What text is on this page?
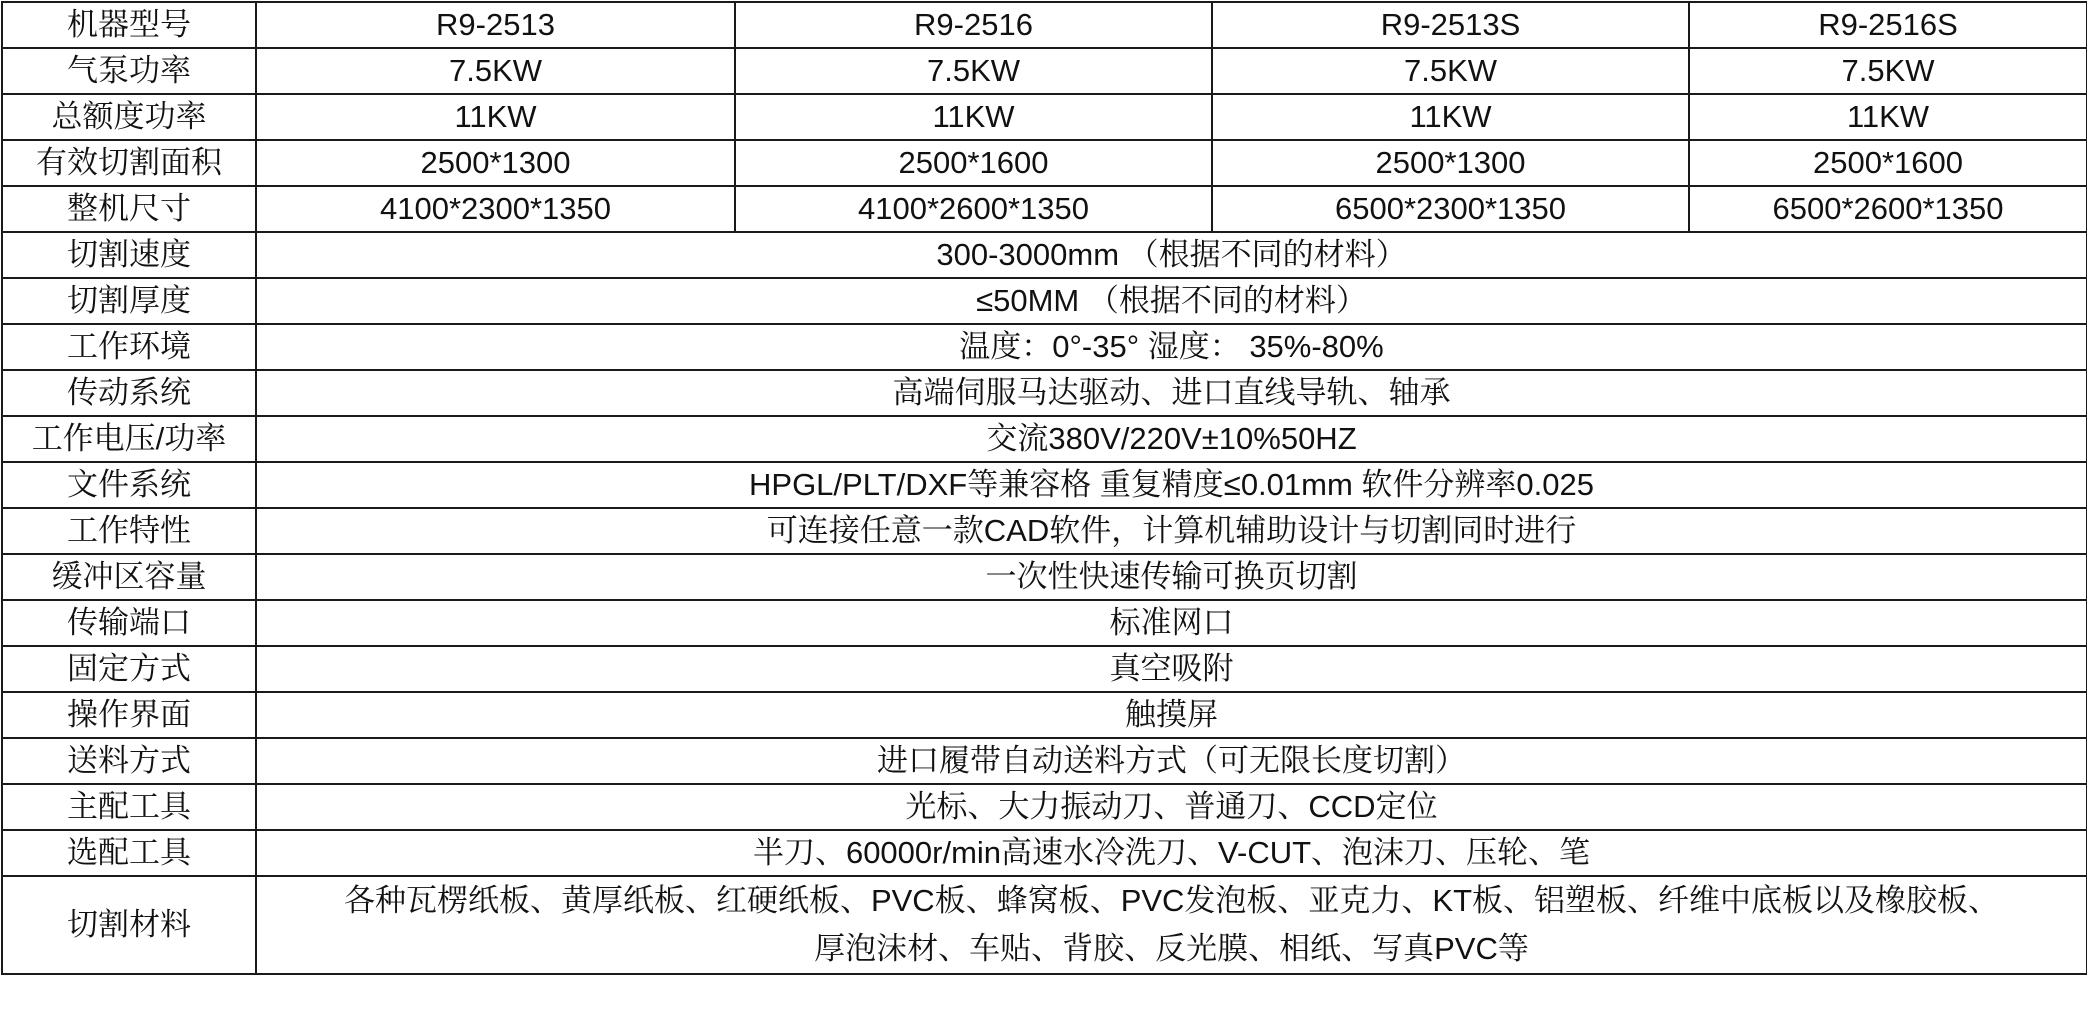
机器型号	R9-2513	R9-2516	R9-2513S	R9-2516S
气泵功率	7.5KW	7.5KW	7.5KW	7.5KW
总额度功率	11KW	11KW	11KW	11KW
有效切割面积	2500*1300	2500*1600	2500*1300	2500*1600
整机尺寸	4100*2300*1350	4100*2600*1350	6500*2300*1350	6500*2600*1350
切割速度	300-3000mm （根据不同的材料）			
切割厚度	≤50MM （根据不同的材料）			
工作环境	温度：0°-35° 湿度： 35%-80%			
传动系统	高端伺服马达驱动、进口直线导轨、轴承			
工作电压/功率	交流380V/220V±10%50HZ			
文件系统	HPGL/PLT/DXF等兼容格 重复精度≤0.01mm 软件分辨率0.025			
工作特性	可连接任意一款CAD软件，计算机辅助设计与切割同时进行			
缓冲区容量	一次性快速传输可换页切割			
传输端口	标准网口			
固定方式	真空吸附			
操作界面	触摸屏			
送料方式	进口履带自动送料方式（可无限长度切割）			
主配工具	光标、大力振动刀、普通刀、CCD定位			
选配工具	半刀、60000r/min高速水冷洗刀、V-CUT、泡沫刀、压轮、笔			
切割材料	各种瓦楞纸板、黄厚纸板、红硬纸板、PVC板、蜂窝板、PVC发泡板、亚克力、KT板、铝塑板、纤维中底板以及橡胶板、
厚泡沫材、车贴、背胶、反光膜、相纸、写真PVC等			
